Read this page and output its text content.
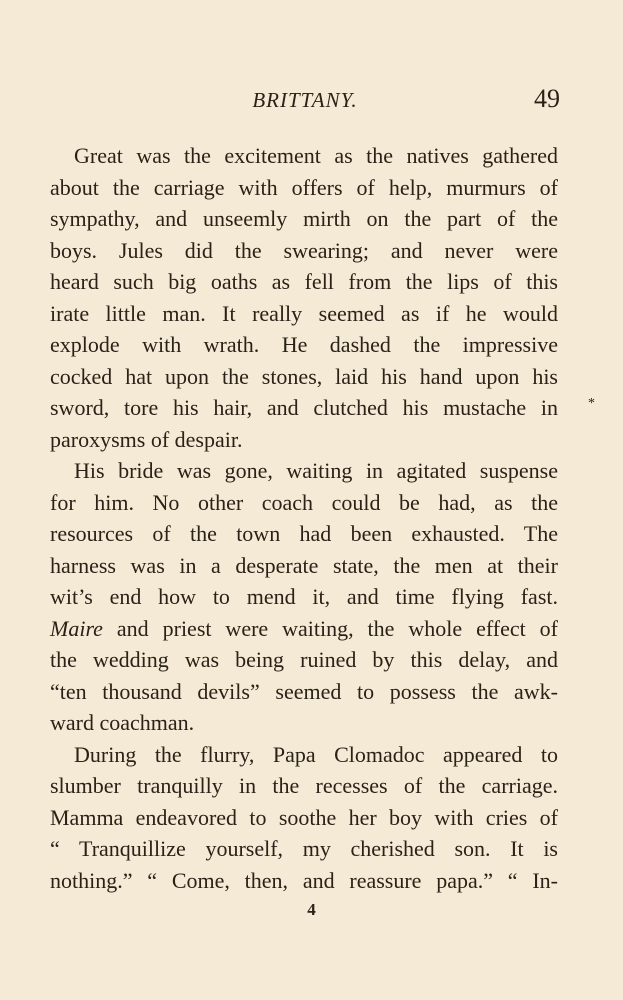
BRITTANY.	49
Great was the excitement as the natives gathered
about the carriage with offers of help, murmurs of
sympathy, and unseemly mirth on the part of the
boys. Jules did the swearing; and never were
heard such big oaths as fell from the lips of this
irate little man. It really seemed as if he would
explode with wrath. He dashed the impressive
cocked hat upon the stones, laid his hand upon his
sword, tore his hair, and clutched his mustache in
paroxysms of despair.
His bride was gone, waiting in agitated suspense
for him. No other coach could be had, as the
resources of the town had been exhausted. The
harness was in a desperate state, the men at their
wit’s end how to mend it, and time flying fast.
Maire and priest were waiting, the whole effect of
the wedding was being ruined by this delay, and
“ten thousand devils” seemed to possess the awk-
ward coachman.
During the flurry, Papa Clomadoc appeared to
slumber tranquilly in the recesses of the carriage.
Mamma endeavored to soothe her boy with cries of
“ Tranquillize yourself, my cherished son. It is
nothing.” “ Come, then, and reassure papa.” “ In-
*
4
